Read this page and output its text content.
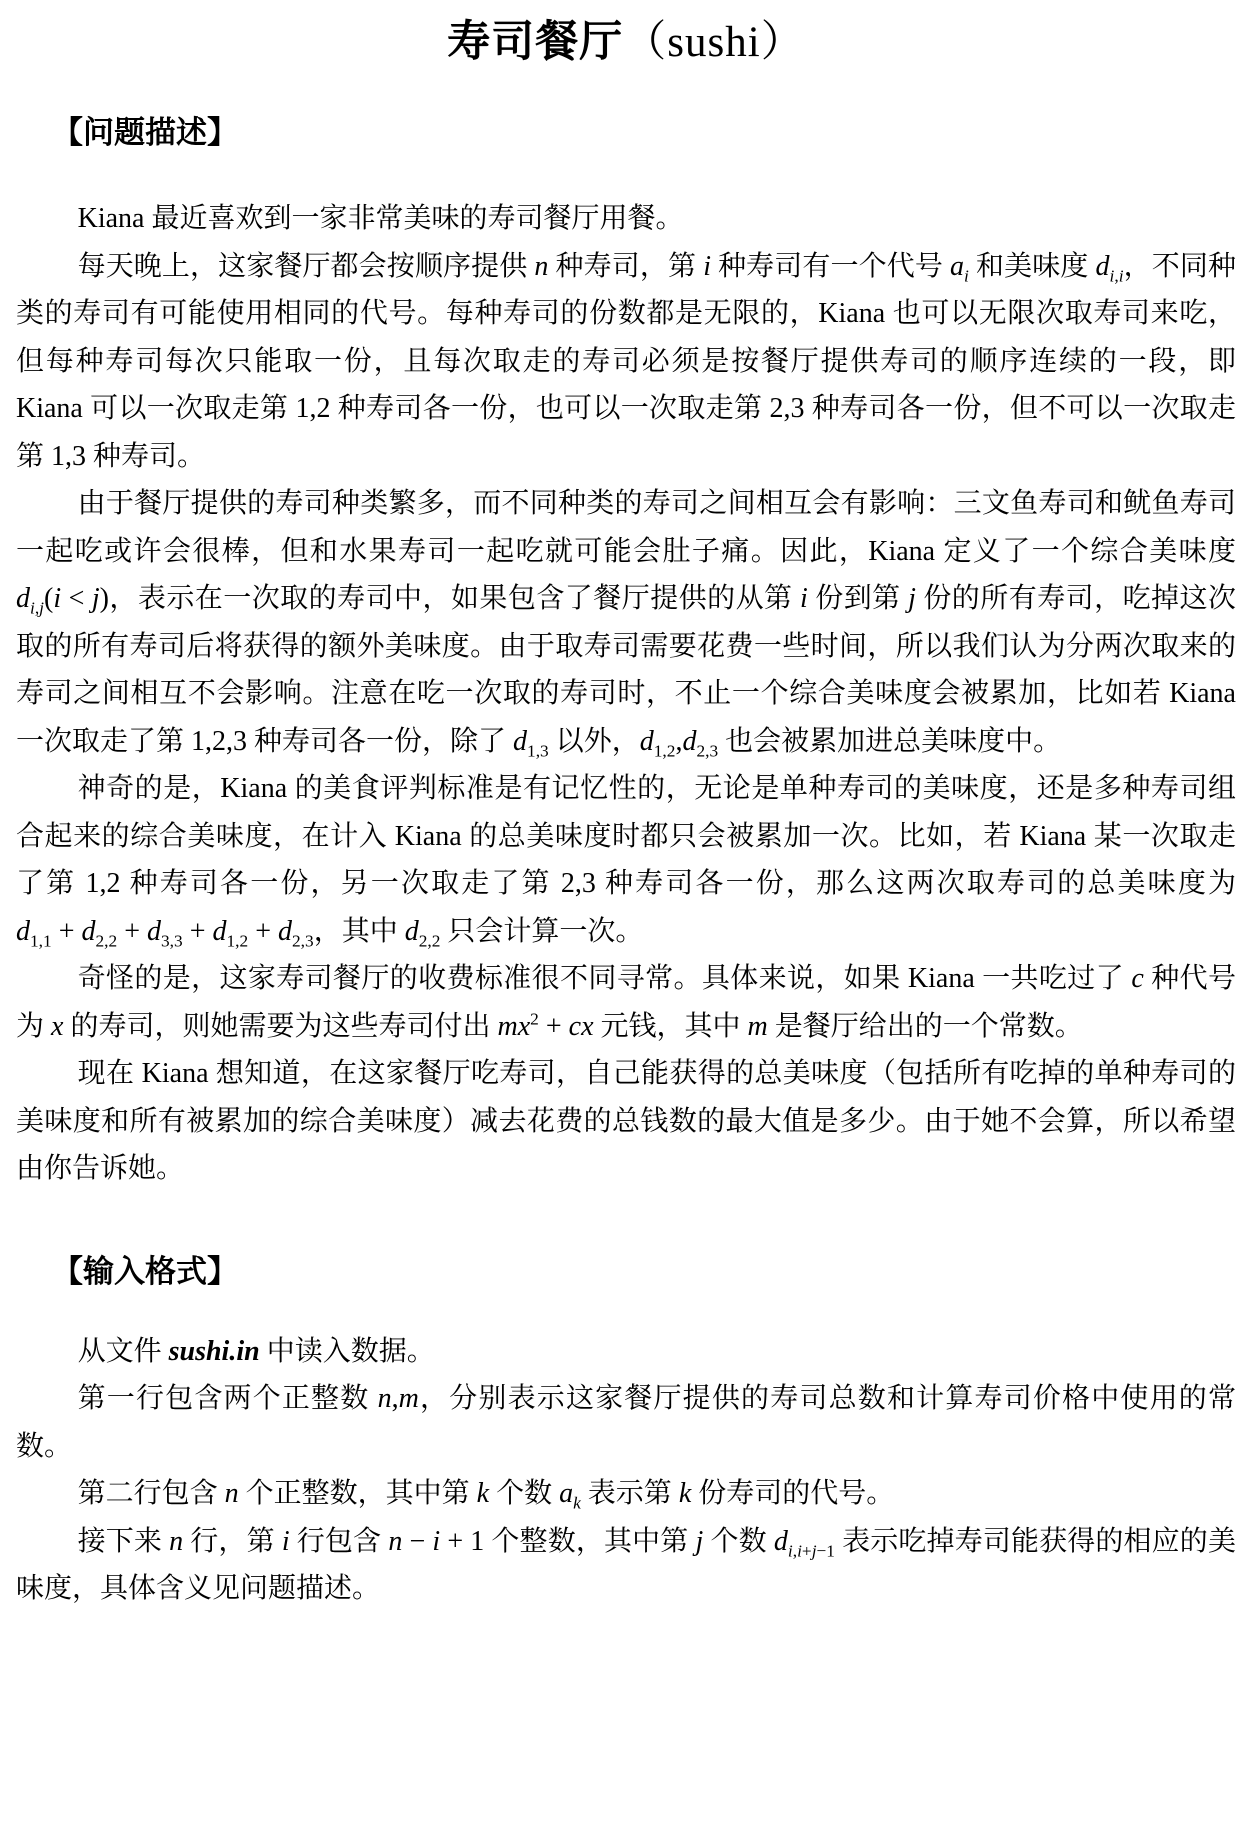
寿司餐厅（sushi）
【问题描述】

Kiana 最近喜欢到一家非常美味的寿司餐厅用餐。

每天晚上，这家餐厅都会按顺序提供 n 种寿司，第 i 种寿司有一个代号 $a_i$ 和美味度 $d_{i,i}$，不同种类的寿司有可能使用相同的代号。每种寿司的份数都是无限的，Kiana 也可以无限次取寿司来吃，但每种寿司每次只能取一份，且每次取走的寿司必须是按餐厅提供寿司的顺序连续的一段，即 Kiana 可以一次取走第 1,2 种寿司各一份，也可以一次取走第 2,3 种寿司各一份，但不可以一次取走第 1,3 种寿司。

由于餐厅提供的寿司种类繁多，而不同种类的寿司之间相互会有影响：三文鱼寿司和鱿鱼寿司一起吃或许会很棒，但和水果寿司一起吃就可能会肚子痛。因此，Kiana 定义了一个综合美味度 $d_{i,j}(i < j)$，表示在一次取的寿司中，如果包含了餐厅提供的从第 i 份到第 j 份的所有寿司，吃掉这次取的所有寿司后将获得的额外美味度。由于取寿司需要花费一些时间，所以我们认为分两次取来的寿司之间相互不会影响。注意在吃一次取的寿司时，不止一个综合美味度会被累加，比如若 Kiana 一次取走了第 1,2,3 种寿司各一份，除了 $d_{1,3}$ 以外，$d_{1,2},d_{2,3}$ 也会被累加进总美味度中。

神奇的是，Kiana 的美食评判标准是有记忆性的，无论是单种寿司的美味度，还是多种寿司组合起来的综合美味度，在计入 Kiana 的总美味度时都只会被累加一次。比如，若 Kiana 某一次取走了第 1,2 种寿司各一份，另一次取走了第 2,3 种寿司各一份，那么这两次取寿司的总美味度为 $d_{1,1} + d_{2,2} + d_{3,3} + d_{1,2} + d_{2,3}$，其中 $d_{2,2}$ 只会计算一次。

奇怪的是，这家寿司餐厅的收费标准很不同寻常。具体来说，如果 Kiana 一共吃过了 c 种代号为 x 的寿司，则她需要为这些寿司付出 $mx^2$ + cx 元钱，其中 m 是餐厅给出的一个常数。

现在 Kiana 想知道，在这家餐厅吃寿司，自己能获得的总美味度（包括所有吃掉的单种寿司的美味度和所有被累加的综合美味度）减去花费的总钱数的最大值是多少。由于她不会算，所以希望由你告诉她。

【输入格式】

从文件 sushi.in 中读入数据。

第一行包含两个正整数 n,m，分别表示这家餐厅提供的寿司总数和计算寿司价格中使用的常数。

第二行包含 n 个正整数，其中第 k 个数 $a_k$ 表示第 k 份寿司的代号。

接下来 n 行，第 i 行包含 n − i + 1 个整数，其中第 j 个数 $d_{i,i+j-1}$ 表示吃掉寿司能获得的相应的美味度，具体含义见问题描述。
